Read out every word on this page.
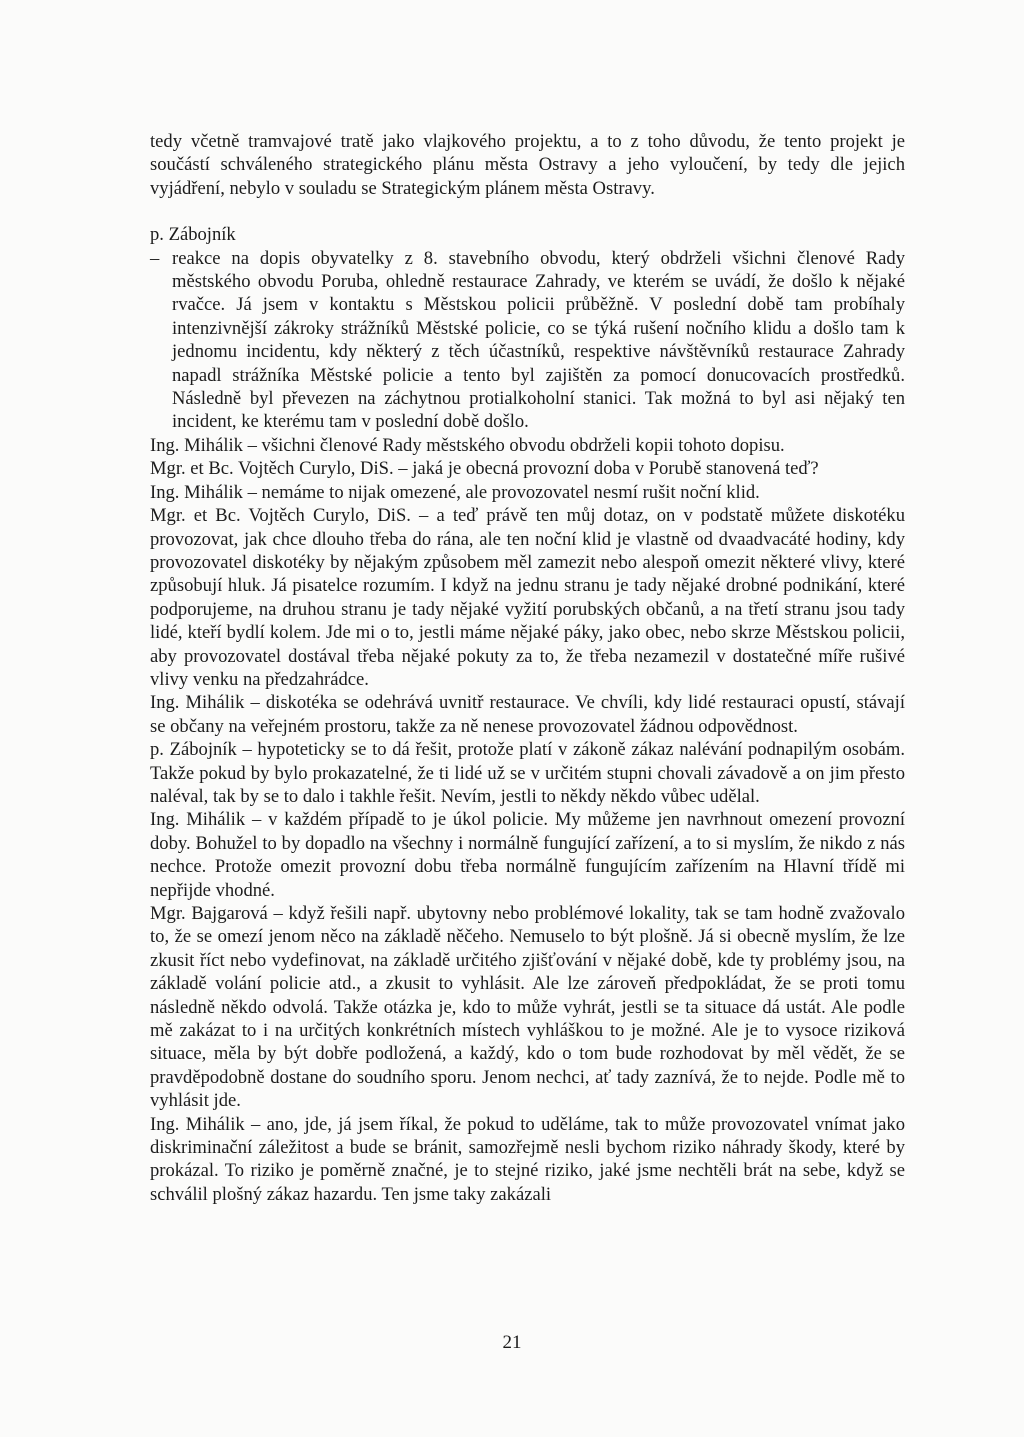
tedy včetně tramvajové tratě jako vlajkového projektu, a to z toho důvodu, že tento projekt je součástí schváleného strategického plánu města Ostravy a jeho vyloučení, by tedy dle jejich vyjádření, nebylo v souladu se Strategickým plánem města Ostravy.

p. Zábojník

– reakce na dopis obyvatelky z 8. stavebního obvodu, který obdrželi všichni členové Rady městského obvodu Poruba, ohledně restaurace Zahrady, ve kterém se uvádí, že došlo k nějaké rvačce. Já jsem v kontaktu s Městskou policii průběžně. V poslední době tam probíhaly intenzivnější zákroky strážníků Městské policie, co se týká rušení nočního klidu a došlo tam k jednomu incidentu, kdy některý z těch účastníků, respektive návštěvníků restaurace Zahrady napadl strážníka Městské policie a tento byl zajištěn za pomocí donucovacích prostředků. Následně byl převezen na záchytnou protialkoholní stanici. Tak možná to byl asi nějaký ten incident, ke kterému tam v poslední době došlo.

Ing. Mihálik – všichni členové Rady městského obvodu obdrželi kopii tohoto dopisu.

Mgr. et Bc. Vojtěch Curylo, DiS. – jaká je obecná provozní doba v Porubě stanovená teď?

Ing. Mihálik – nemáme to nijak omezené, ale provozovatel nesmí rušit noční klid.

Mgr. et Bc. Vojtěch Curylo, DiS. – a teď právě ten můj dotaz, on v podstatě můžete diskotéku provozovat, jak chce dlouho třeba do rána, ale ten noční klid je vlastně od dvaadvacáté hodiny, kdy provozovatel diskotéky by nějakým způsobem měl zamezit nebo alespoň omezit některé vlivy, které způsobují hluk. Já pisatelce rozumím. I když na jednu stranu je tady nějaké drobné podnikání, které podporujeme, na druhou stranu je tady nějaké vyžití porubských občanů, a na třetí stranu jsou tady lidé, kteří bydlí kolem. Jde mi o to, jestli máme nějaké páky, jako obec, nebo skrze Městskou policii, aby provozovatel dostával třeba nějaké pokuty za to, že třeba nezamezil v dostatečné míře rušivé vlivy venku na předzahrádce.

Ing. Mihálik – diskotéka se odehrává uvnitř restaurace. Ve chvíli, kdy lidé restauraci opustí, stávají se občany na veřejném prostoru, takže za ně nenese provozovatel žádnou odpovědnost.

p. Zábojník – hypoteticky se to dá řešit, protože platí v zákoně zákaz nalévání podnapilým osobám. Takže pokud by bylo prokazatelné, že ti lidé už se v určitém stupni chovali závadově a on jim přesto naléval, tak by se to dalo i takhle řešit. Nevím, jestli to někdy někdo vůbec udělal.

Ing. Mihálik – v každém případě to je úkol policie. My můžeme jen navrhnout omezení provozní doby. Bohužel to by dopadlo na všechny i normálně fungující zařízení, a to si myslím, že nikdo z nás nechce. Protože omezit provozní dobu třeba normálně fungujícím zařízením na Hlavní třídě mi nepřijde vhodné.

Mgr. Bajgarová – když řešili např. ubytovny nebo problémové lokality, tak se tam hodně zvažovalo to, že se omezí jenom něco na základě něčeho. Nemuselo to být plošně. Já si obecně myslím, že lze zkusit říct nebo vydefinovat, na základě určitého zjišťování v nějaké době, kde ty problémy jsou, na základě volání policie atd., a zkusit to vyhlásit. Ale lze zároveň předpokládat, že se proti tomu následně někdo odvolá. Takže otázka je, kdo to může vyhrát, jestli se ta situace dá ustát. Ale podle mě zakázat to i na určitých konkrétních místech vyhláškou to je možné. Ale je to vysoce riziková situace, měla by být dobře podložená, a každý, kdo o tom bude rozhodovat by měl vědět, že se pravděpodobně dostane do soudního sporu. Jenom nechci, ať tady zaznívá, že to nejde. Podle mě to vyhlásit jde.

Ing. Mihálik – ano, jde, já jsem říkal, že pokud to uděláme, tak to může provozovatel vnímat jako diskriminační záležitost a bude se bránit, samozřejmě nesli bychom riziko náhrady škody, které by prokázal. To riziko je poměrně značné, je to stejné riziko, jaké jsme nechtěli brát na sebe, když se schválil plošný zákaz hazardu. Ten jsme taky zakázali

21
